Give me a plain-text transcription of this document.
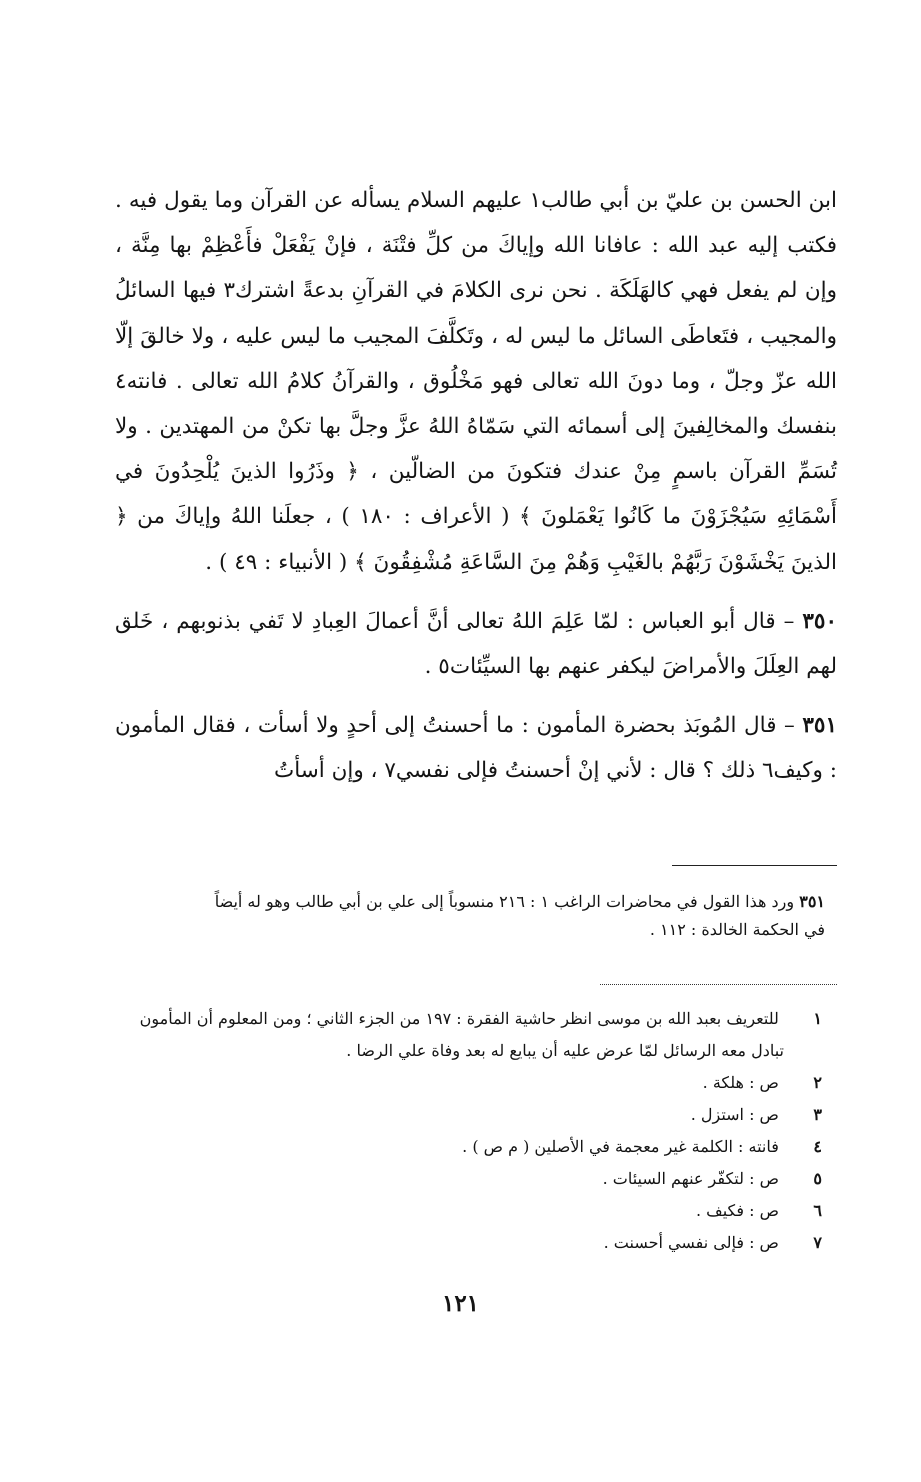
ابن الحسن بن عليّ بن أبي طالب١ عليهم السلام يسأله عن القرآن وما يقول فيه . فكتب إليه عبد الله : عافانا الله وإياكَ من كلِّ فتْنَة ، فإنْ يَفْعَلْ فأَعْظِمْ بها مِنَّة ، وإن لم يفعل فهي كالهَلَكَة . نحن نرى الكلامَ في القرآنِ بدعةً اشترك٣ فيها السائلُ والمجيب ، فتَعاطَى السائل ما ليس له ، وتَكلَّفَ المجيب ما ليس عليه ، ولا خالقَ إلّا الله عزّ وجلّ ، وما دونَ الله تعالى فهو مَخْلُوق ، والقرآنُ كلامُ الله تعالى . فانته٤ بنفسك والمخالِفينَ إلى أسمائه التي سَمّاهُ اللهُ عزَّ وجلَّ بها تكنْ من المهتدين . ولا تُسَمِّ القرآن باسمٍ مِنْ عندك فتكونَ من الضالّين ، ﴿ وذَرُوا الذينَ يُلْحِدُونَ في أَسْمَائِهِ سَيُجْزَوْنَ ما كَانُوا يَعْمَلونَ ﴾ ( الأعراف : ١٨٠ ) ، جعلَنا اللهُ وإياكَ من ﴿ الذينَ يَخْشَوْنَ رَبَّهُمْ بالغَيْبِ وَهُمْ مِنَ السَّاعَةِ مُشْفِقُونَ ﴾ ( الأنبياء : ٤٩ ) .

٣٥٠ – قال أبو العباس : لمّا عَلِمَ اللهُ تعالى أنَّ أعمالَ العِبادِ لا تَفي بذنوبهم ، خَلق لهم العِلَلَ والأمراضَ ليكفر عنهم بها السيِّئات٥ .

٣٥١ – قال المُوبَذ بحضرة المأمون : ما أحسنتُ إلى أحدٍ ولا أسأت ، فقال المأمون : وكيف٦ ذلك ؟ قال : لأني إنْ أحسنتُ فإلى نفسي٧ ، وإن أسأتُ

٣٥١ ورد هذا القول في محاضرات الراغب ١ : ٢١٦ منسوباً إلى علي بن أبي طالب وهو له أيضاً

في الحكمة الخالدة : ١١٢ .

١ للتعريف بعبد الله بن موسى انظر حاشية الفقرة : ١٩٧ من الجزء الثاني ؛ ومن المعلوم أن المأمون
تبادل معه الرسائل لمّا عرض عليه أن يبايع له بعد وفاة علي الرضا .
٢ ص : هلكة .
٣ ص : استزل .
٤ فانته : الكلمة غير معجمة في الأصلين ( م ص ) .
٥ ص : لتكفّر عنهم السيئات .
٦ ص : فكيف .
٧ ص : فإلى نفسي أحسنت .
١٢١
